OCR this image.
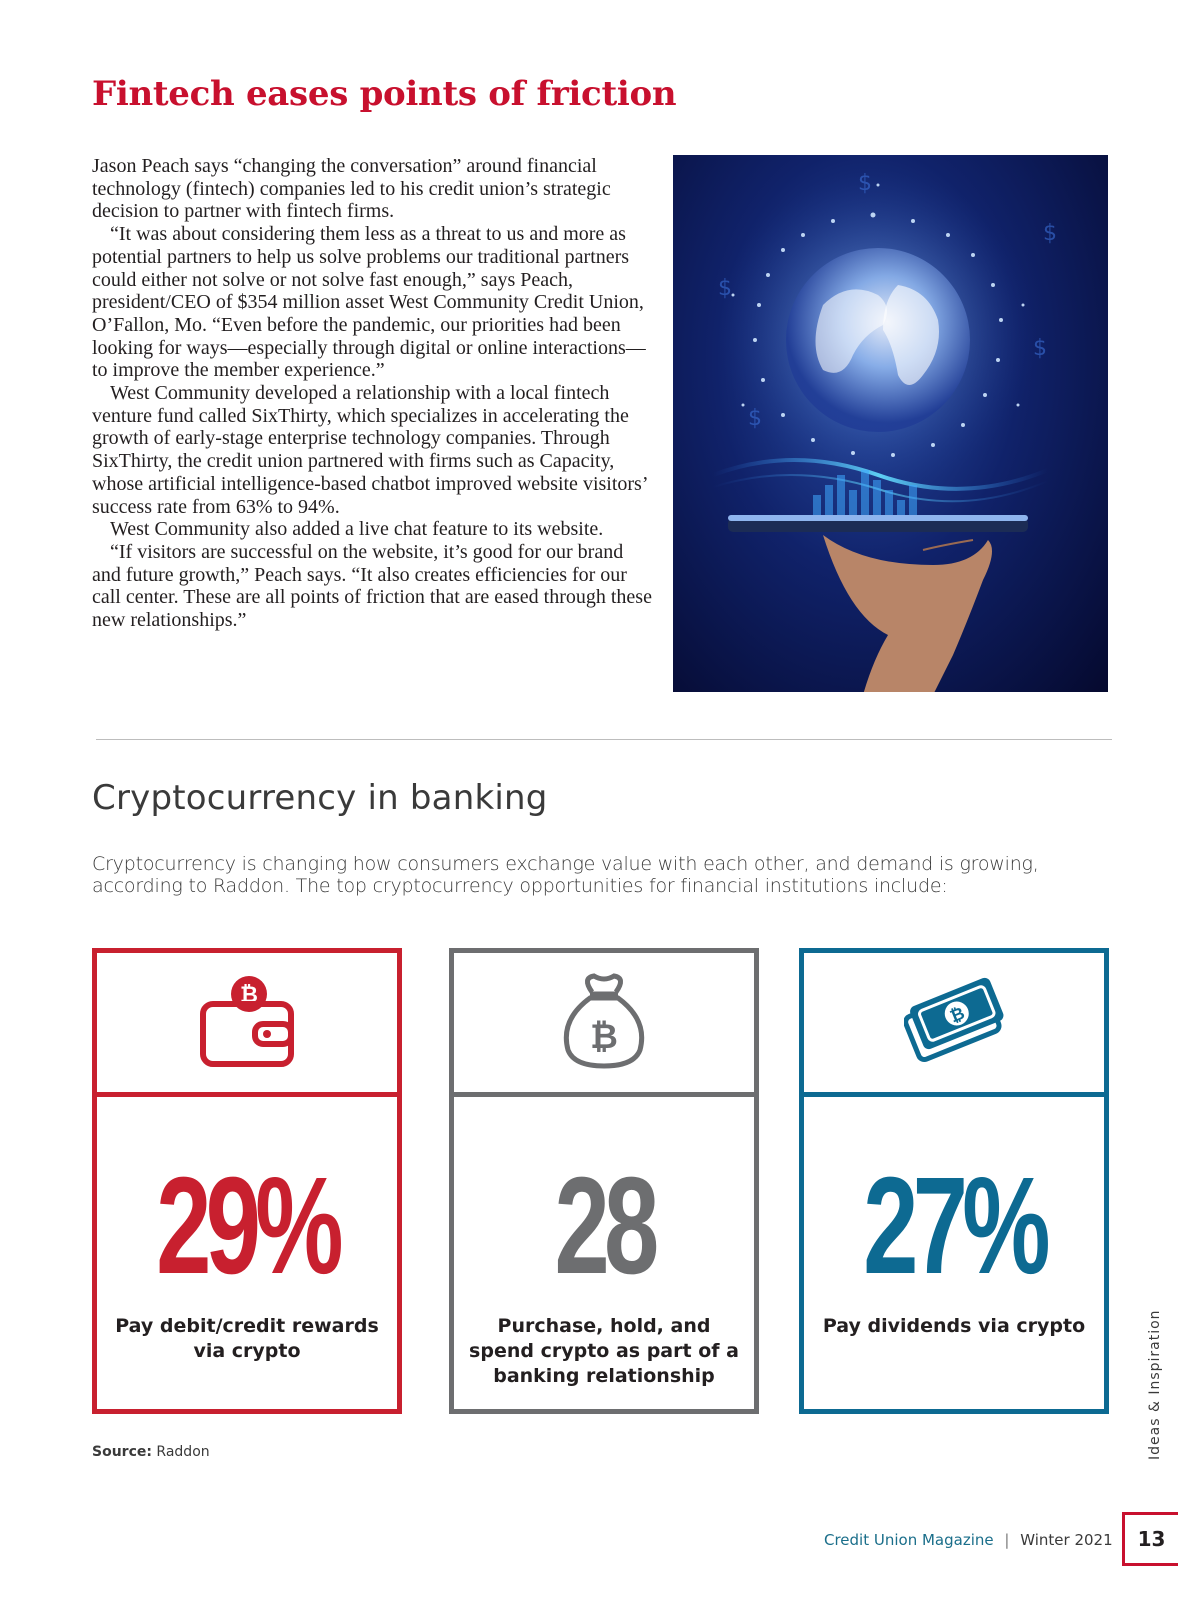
Fintech eases points of friction

Jason Peach says “changing the conversation” around financial technology (fintech) companies led to his credit union’s strategic decision to partner with fintech firms.

“It was about considering them less as a threat to us and more as potential partners to help us solve problems our traditional partners could either not solve or not solve fast enough,” says Peach, president/CEO of $354 million asset West Community Credit Union, O’Fallon, Mo. “Even before the pandemic, our priorities had been looking for ways—especially through digital or online interactions—to improve the member experience.”

West Community developed a relationship with a local fintech venture fund called SixThirty, which specializes in accelerating the growth of early-stage enterprise technology companies. Through SixThirty, the credit union partnered with firms such as Capacity, whose artificial intelligence-based chatbot improved website visitors’ success rate from 63% to 94%.

West Community also added a live chat feature to its website.

“If visitors are successful on the website, it’s good for our brand and future growth,” Peach says. “It also creates efficiencies for our call center. These are all points of friction that are eased through these new relationships.”

$
$
$
$
$
Cryptocurrency in banking

Cryptocurrency is changing how consumers exchange value with each other, and demand is growing, according to Raddon. The top cryptocurrency opportunities for financial institutions include:

₿
29%
Pay debit/credit rewards via crypto
₿
28
Purchase, hold, and spend crypto as part of a banking relationship
₿
27%
Pay dividends via crypto
Source: Raddon	Ideas & Inspiration
Credit Union Magazine | Winter 2021	13
